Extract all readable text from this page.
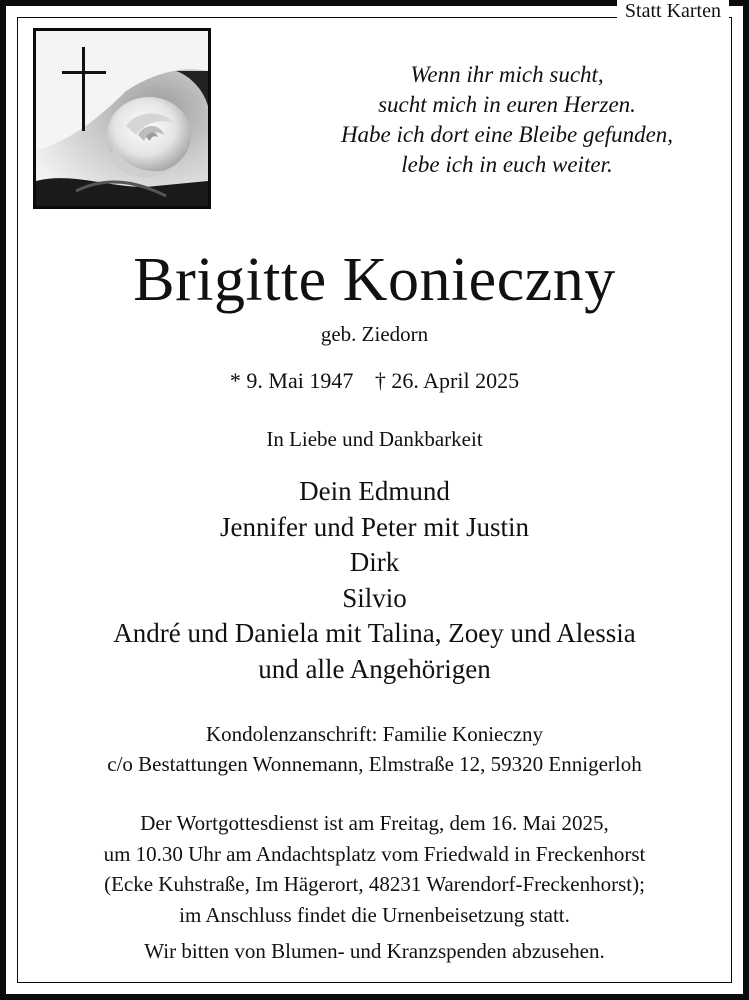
Statt Karten
Wenn ihr mich sucht,
sucht mich in euren Herzen.
Habe ich dort eine Bleibe gefunden,
lebe ich in euch weiter.
Brigitte Konieczny
geb. Ziedorn
* 9. Mai 1947 † 26. April 2025
In Liebe und Dankbarkeit
Dein Edmund
Jennifer und Peter mit Justin
Dirk
Silvio
André und Daniela mit Talina, Zoey und Alessia
und alle Angehörigen
Kondolenzanschrift: Familie Konieczny
c/o Bestattungen Wonnemann, Elmstraße 12, 59320 Ennigerloh
Der Wortgottesdienst ist am Freitag, dem 16. Mai 2025,
um 10.30 Uhr am Andachtsplatz vom Friedwald in Freckenhorst
(Ecke Kuhstraße, Im Hägerort, 48231 Warendorf-Freckenhorst);
im Anschluss findet die Urnenbeisetzung statt.
Wir bitten von Blumen- und Kranzspenden abzusehen.
